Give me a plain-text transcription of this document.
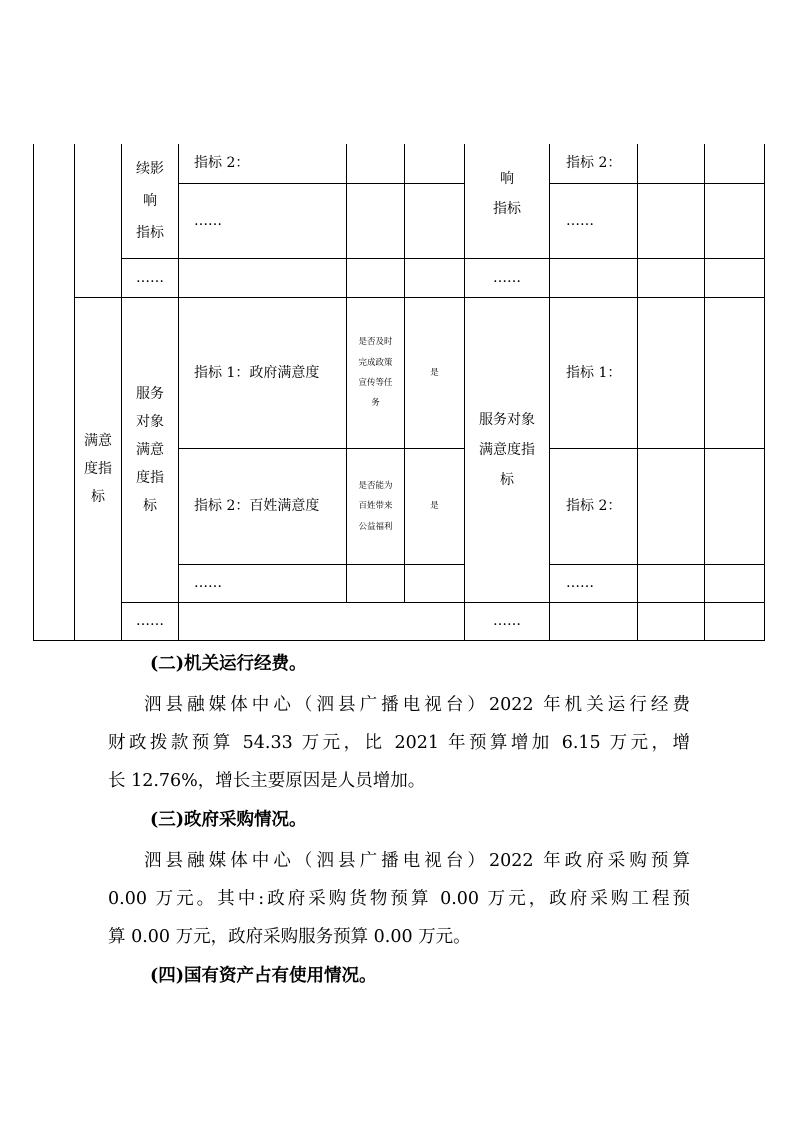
续影
响
指标
指标 2：
……
……
响
指标
指标 2：
……
……
满意
度指
标
服务
对象
满意
度指
标
指标 1：政府满意度
是否及时
完成政策
宣传等任
务
是
指标 2：百姓满意度
是否能为
百姓带来
公益福利
是
……
……
服务对象
满意度指
标
指标 1：
指标 2：
……
……
(二)机关运行经费。
泗县融媒体中心（泗县广播电视台）2022 年机关运行经费
财政拨款预算 54.33 万元，比 2021 年预算增加 6.15 万元，增
长 12.76%，增长主要原因是人员增加。
(三)政府采购情况。
泗县融媒体中心（泗县广播电视台）2022 年政府采购预算
0.00 万元。其中:政府采购货物预算 0.00 万元，政府采购工程预
算 0.00 万元，政府采购服务预算 0.00 万元。
(四)国有资产占有使用情况。
